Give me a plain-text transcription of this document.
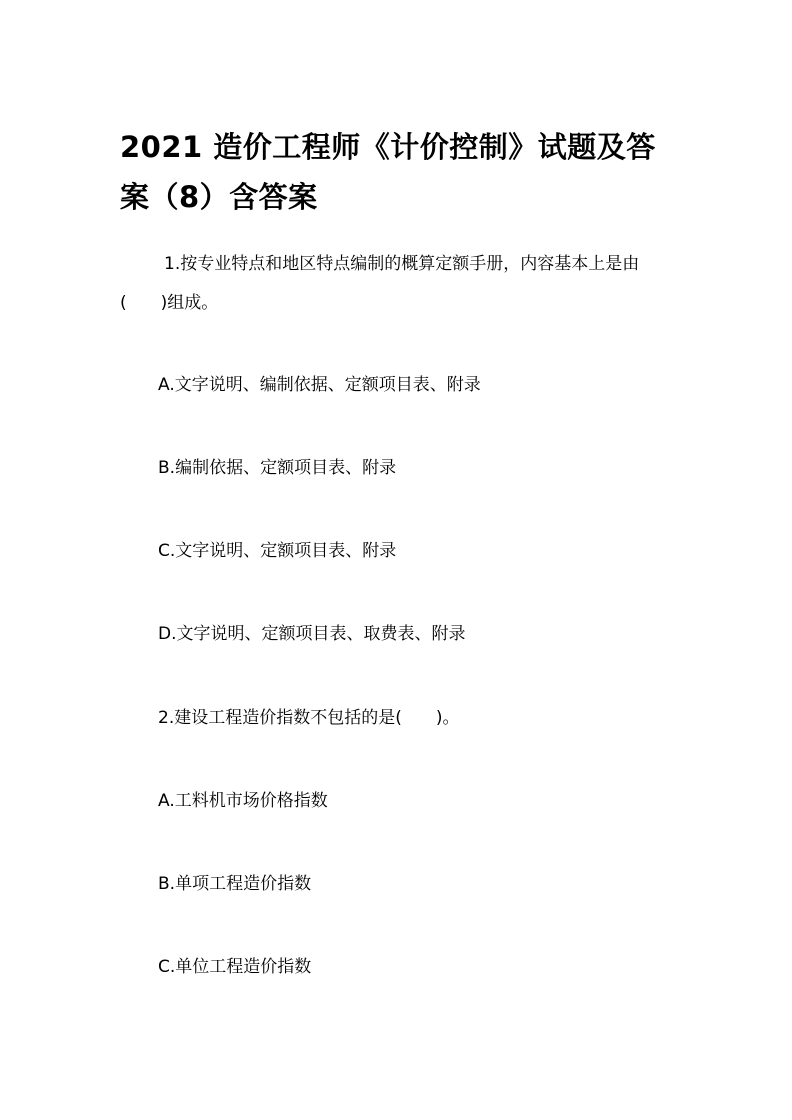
2021 造价工程师《计价控制》试题及答案（8）含答案

1.按专业特点和地区特点编制的概算定额手册，内容基本上是由(　　)组成。

A.文字说明、编制依据、定额项目表、附录

B.编制依据、定额项目表、附录

C.文字说明、定额项目表、附录

D.文字说明、定额项目表、取费表、附录

2.建设工程造价指数不包括的是(　　)。

A.工料机市场价格指数

B.单项工程造价指数

C.单位工程造价指数
